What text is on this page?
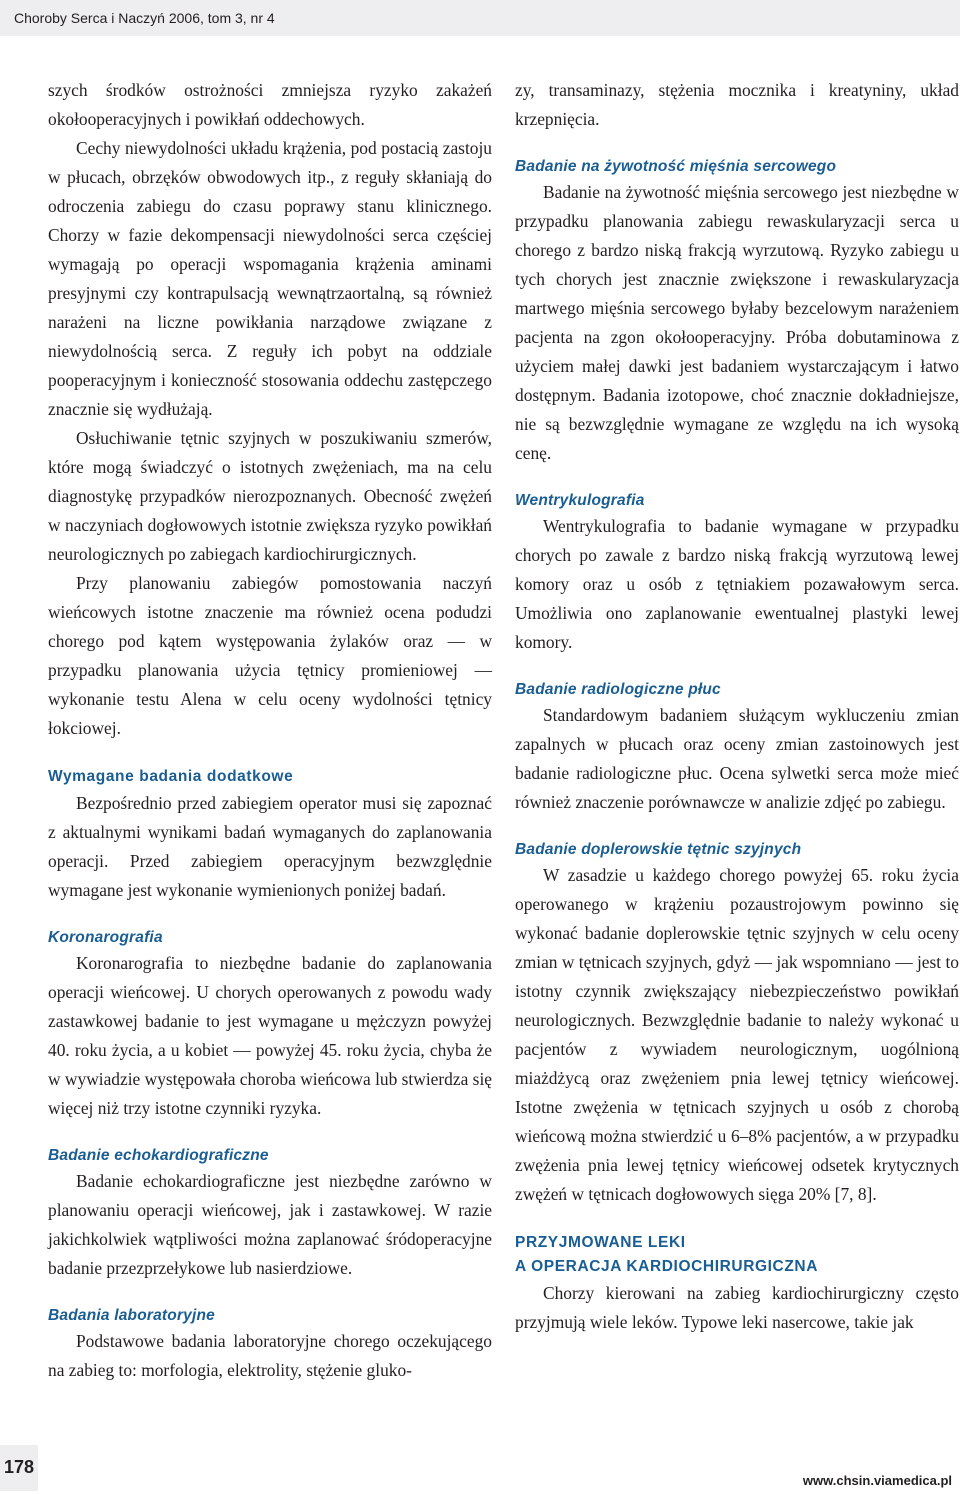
Choroby Serca i Naczyń 2006, tom 3, nr 4

szych środków ostrożności zmniejsza ryzyko zakażeń okołooperacyjnych i powikłań oddechowych.

Cechy niewydolności układu krążenia, pod postacią zastoju w płucach, obrzęków obwodowych itp., z reguły skłaniają do odroczenia zabiegu do czasu poprawy stanu klinicznego. Chorzy w fazie dekompensacji niewydolności serca częściej wymagają po operacji wspomagania krążenia aminami presyjnymi czy kontrapulsacją wewnątrzaortalną, są również narażeni na liczne powikłania narządowe związane z niewydolnością serca. Z reguły ich pobyt na oddziale pooperacyjnym i konieczność stosowania oddechu zastępczego znacznie się wydłużają.

Osłuchiwanie tętnic szyjnych w poszukiwaniu szmerów, które mogą świadczyć o istotnych zwężeniach, ma na celu diagnostykę przypadków nierozpoznanych. Obecność zwężeń w naczyniach dogłowowych istotnie zwiększa ryzyko powikłań neurologicznych po zabiegach kardiochirurgicznych.

Przy planowaniu zabiegów pomostowania naczyń wieńcowych istotne znaczenie ma również ocena podudzi chorego pod kątem występowania żylaków oraz — w przypadku planowania użycia tętnicy promieniowej — wykonanie testu Alena w celu oceny wydolności tętnicy łokciowej.

Wymagane badania dodatkowe

Bezpośrednio przed zabiegiem operator musi się zapoznać z aktualnymi wynikami badań wymaganych do zaplanowania operacji. Przed zabiegiem operacyjnym bezwzględnie wymagane jest wykonanie wymienionych poniżej badań.

Koronarografia

Koronarografia to niezbędne badanie do zaplanowania operacji wieńcowej. U chorych operowanych z powodu wady zastawkowej badanie to jest wymagane u mężczyzn powyżej 40. roku życia, a u kobiet — powyżej 45. roku życia, chyba że w wywiadzie występowała choroba wieńcowa lub stwierdza się więcej niż trzy istotne czynniki ryzyka.

Badanie echokardiograficzne

Badanie echokardiograficzne jest niezbędne zarówno w planowaniu operacji wieńcowej, jak i zastawkowej. W razie jakichkolwiek wątpliwości można zaplanować śródoperacyjne badanie przezprzełykowe lub nasierdziowe.

Badania laboratoryjne

Podstawowe badania laboratoryjne chorego oczekującego na zabieg to: morfologia, elektrolity, stężenie gluko-

zy, transaminazy, stężenia mocznika i kreatyniny, układ krzepnięcia.

Badanie na żywotność mięśnia sercowego

Badanie na żywotność mięśnia sercowego jest niezbędne w przypadku planowania zabiegu rewaskularyzacji serca u chorego z bardzo niską frakcją wyrzutową. Ryzyko zabiegu u tych chorych jest znacznie zwiększone i rewaskularyzacja martwego mięśnia sercowego byłaby bezcelowym narażeniem pacjenta na zgon okołooperacyjny. Próba dobutaminowa z użyciem małej dawki jest badaniem wystarczającym i łatwo dostępnym. Badania izotopowe, choć znacznie dokładniejsze, nie są bezwzględnie wymagane ze względu na ich wysoką cenę.

Wentrykulografia

Wentrykulografia to badanie wymagane w przypadku chorych po zawale z bardzo niską frakcją wyrzutową lewej komory oraz u osób z tętniakiem pozawałowym serca. Umożliwia ono zaplanowanie ewentualnej plastyki lewej komory.

Badanie radiologiczne płuc

Standardowym badaniem służącym wykluczeniu zmian zapalnych w płucach oraz oceny zmian zastoinowych jest badanie radiologiczne płuc. Ocena sylwetki serca może mieć również znaczenie porównawcze w analizie zdjęć po zabiegu.

Badanie doplerowskie tętnic szyjnych

W zasadzie u każdego chorego powyżej 65. roku życia operowanego w krążeniu pozaustrojowym powinno się wykonać badanie doplerowskie tętnic szyjnych w celu oceny zmian w tętnicach szyjnych, gdyż — jak wspomniano — jest to istotny czynnik zwiększający niebezpieczeństwo powikłań neurologicznych. Bezwzględnie badanie to należy wykonać u pacjentów z wywiadem neurologicznym, uogólnioną miażdżycą oraz zwężeniem pnia lewej tętnicy wieńcowej. Istotne zwężenia w tętnicach szyjnych u osób z chorobą wieńcową można stwierdzić u 6–8% pacjentów, a w przypadku zwężenia pnia lewej tętnicy wieńcowej odsetek krytycznych zwężeń w tętnicach dogłowowych sięga 20% [7, 8].

PRZYJMOWANE LEKI
A OPERACJA KARDIOCHIRURGICZNA

Chorzy kierowani na zabieg kardiochirurgiczny często przyjmują wiele leków. Typowe leki nasercowe, takie jak

178
www.chsin.viamedica.pl
